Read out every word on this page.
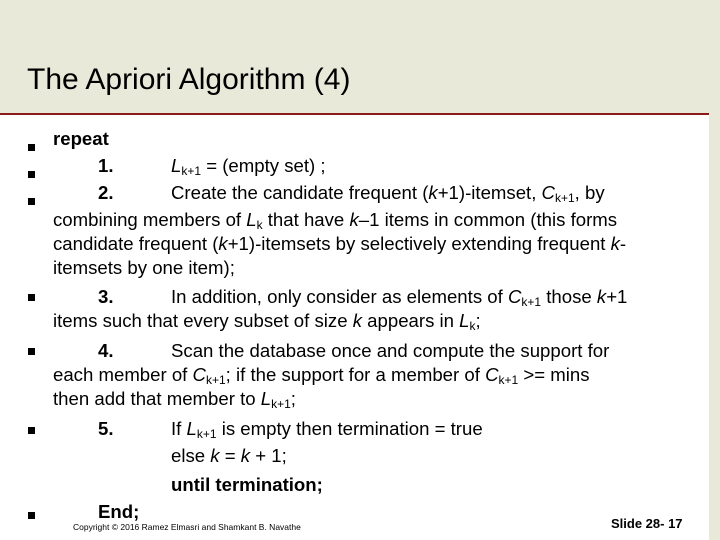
The Apriori Algorithm (4)
repeat
1.	$L_{k+1}$ = (empty set) ;
2.	Create the candidate frequent (k+1)-itemset, $C_{k+1}$, by
combining members of $L_k$ that have k–1 items in common (this forms
candidate frequent (k+1)-itemsets by selectively extending frequent k-
itemsets by one item);
3.	In addition, only consider as elements of $C_{k+1}$ those k+1
items such that every subset of size k appears in $L_k$;
4.	Scan the database once and compute the support for
each member of $C_{k+1}$; if the support for a member of $C_{k+1} >= \min s$
then add that member to $L_{k+1}$;
5.	If $L_{k+1}$ is empty then termination = true
else k = k + 1;
until termination;
End;
Copyright © 2016 Ramez Elmasri and Shamkant B. Navathe	Slide 28- 17
